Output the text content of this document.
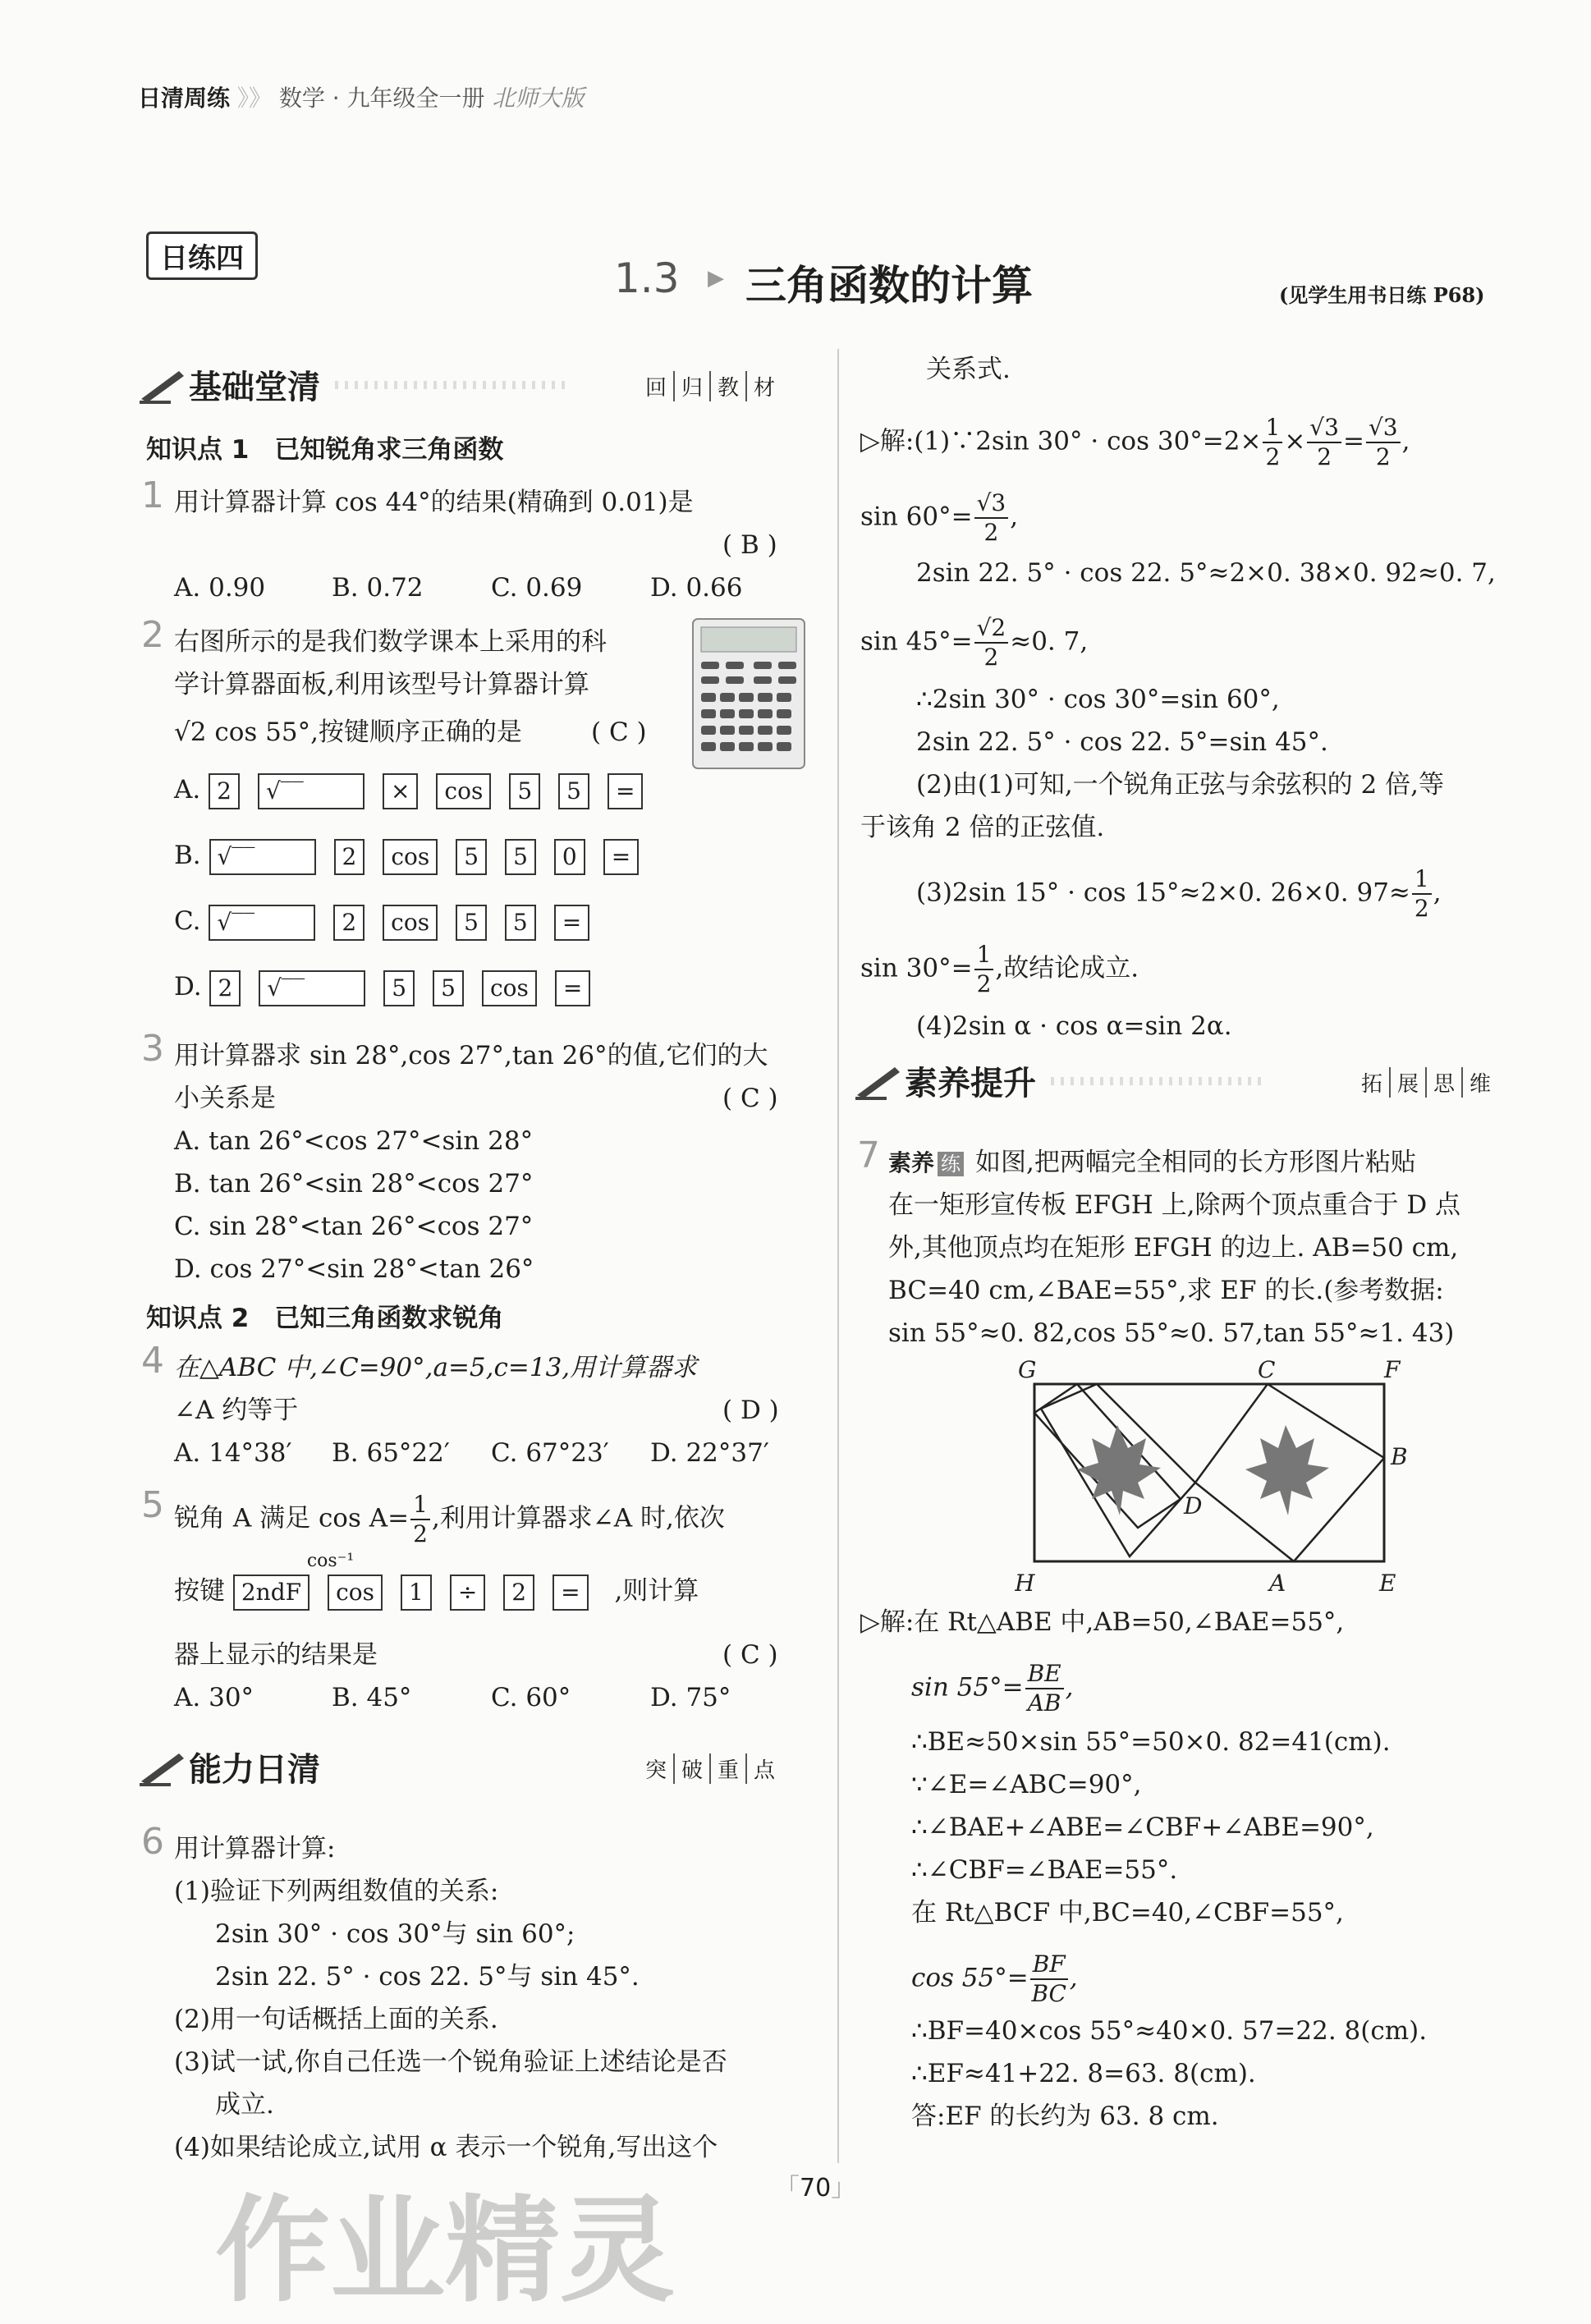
日清周练 》》 数学 · 九年级全一册 北师大版
日练四	1.3 ▶ 三角函数的计算	(见学生用书日练 P68)
基础堂清	回 归 教 材
知识点 1　已知锐角求三角函数
1 用计算器计算 cos 44°的结果(精确到 0.01)是
( B )
A. 0.90	B. 0.72	C. 0.69	D. 0.66
2 右图所示的是我们数学课本上采用的科
学计算器面板,利用该型号计算器计算
√2 cos 55°,按键顺序正确的是	( C )
A. 2 √‾‾	× cos 5 5 =
B. √‾‾	2 cos 5 5 0 =
C. √‾‾	2 cos 5 5 =
D. 2 √‾‾	5 5 cos =
3 用计算器求 sin 28°,cos 27°,tan 26°的值,它们的大
小关系是	( C )
A. tan 26°<cos 27°<sin 28°
B. tan 26°<sin 28°<cos 27°
C. sin 28°<tan 26°<cos 27°
D. cos 27°<sin 28°<tan 26°
知识点 2　已知三角函数求锐角
4 在△ABC 中,∠C=90°,a=5,c=13,用计算器求
∠A 约等于	( D )
A. 14°38′ B. 65°22′ C. 67°23′ D. 22°37′
5 锐角 A 满足 $\cos A= \frac{1}{2}$ ,利用计算器求∠A 时,依次
按键
cos⁻¹
2ndF cos 1 ÷ 2 = ,则计算
器上显示的结果是	( C )
A. 30°	B. 45°	C. 60°	D. 75°
能力日清	突 破 重 点
6 用计算器计算:
(1)验证下列两组数值的关系:
2sin 30° · cos 30°与 sin 60°;
2sin 22. 5° · cos 22. 5°与 sin 45°.
(2)用一句话概括上面的关系.
(3)试一试,你自己任选一个锐角验证上述结论是否
成立.
(4)如果结论成立,试用 α 表示一个锐角,写出这个
关系式.
▷解:(1)∵2sin $30^\circ \cdot \cos 30^\circ=2\times \frac{1}{2} \times \frac{√3}{2} = \frac{√3}{2}$ ,
$\sin 60^\circ= \frac{√3}{2}$ ,
2sin 22. 5° · cos 22. 5°≈2×0. 38×0. 92≈0. 7,
$\sin 45^\circ= \frac{√2}{2} \approx 0$. 7,
∴2sin 30° · cos 30°=sin 60°,
2sin 22. 5° · cos 22. 5°=sin 45°.
(2)由(1)可知,一个锐角正弦与余弦积的 2 倍,等
于该角 2 倍的正弦值.
(3)2sin 15° · cos 15°≈2×0. 26×0. $97\approx \frac{1}{2}$ ,
$\sin 30^\circ= \frac{1}{2}$ ,故结论成立.
(4)2sin α · cos α=sin 2α.
素养提升	拓 展 思 维
7 素养 练 如图,把两幅完全相同的长方形图片粘贴
在一矩形宣传板 EFGH 上,除两个顶点重合于 D 点
外,其他顶点均在矩形 EFGH 的边上. AB=50 cm,
BC=40 cm,∠BAE=55°,求 EF 的长.(参考数据:
sin 55°≈0. 82,cos 55°≈0. 57,tan 55°≈1. 43)
G	C	F
B
D
H	A	E
▷解:在 Rt△ABE 中,AB=50,∠BAE=55°,
$\sin 55^\circ= \frac{BE}{AB}$ ,
∴BE≈50×sin 55°=50×0. 82=41(cm).
∵∠E=∠ABC=90°,
∴∠BAE+∠ABE=∠CBF+∠ABE=90°,
∴∠CBF=∠BAE=55°.
在 Rt△BCF 中,BC=40,∠CBF=55°,
$\cos 55^\circ= \frac{BF}{BC}$ ,
∴BF=40×cos 55°≈40×0. 57=22. 8(cm).
∴EF≈41+22. 8=63. 8(cm).
答:EF 的长约为 63. 8 cm.
「70」
作业精灵
